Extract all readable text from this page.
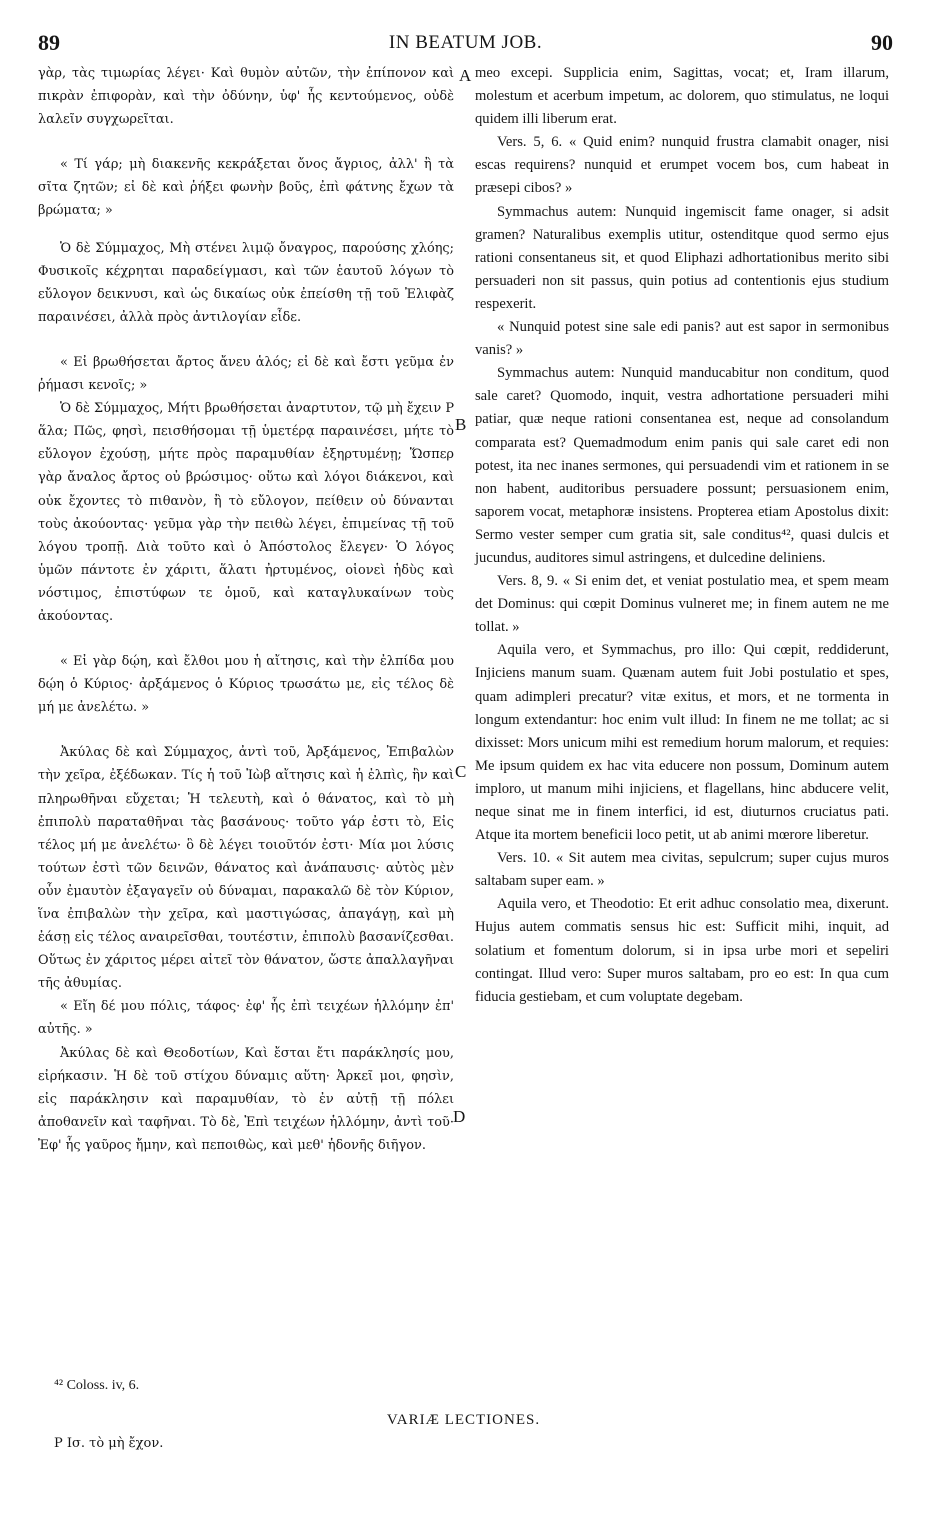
89	IN BEATUM JOB.	90

γὰρ, τὰς τιμωρίας λέγει· Καὶ θυμὸν αὐτῶν, τὴν ἐπίπονον καὶ πικρὰν ἐπιφορὰν, καὶ τὴν ὀδύνην, ὑφ' ἧς κεντούμενος, οὐδὲ λαλεῖν συγχωρεῖται.

« Τί γάρ; μὴ διακενῆς κεκράξεται ὄνος ἄγριος, ἀλλ' ἢ τὰ σῖτα ζητῶν; εἰ δὲ καὶ ῥήξει φωνὴν βοῦς, ἐπὶ φάτνης ἔχων τὰ βρώματα; »

Ὁ δὲ Σύμμαχος, Μὴ στένει λιμῷ ὄναγρος, παρούσης χλόης; Φυσικοῖς κέχρηται παραδείγμασι, καὶ τῶν ἑαυτοῦ λόγων τὸ εὔλογον δεικνυσι, καὶ ὡς δικαίως οὐκ ἐπείσθη τῇ τοῦ Ἐλιφὰζ παραινέσει, ἀλλὰ πρὸς ἀντιλογίαν εἶδε.

« Εἰ βρωθήσεται ἄρτος ἄνευ ἁλός; εἰ δὲ καὶ ἔστι γεῦμα ἐν ῥήμασι κενοῖς; »

Ὁ δὲ Σύμμαχος, Μήτι βρωθήσεται ἀναρτυτον, τῷ μὴ ἔχειν P ἅλα; Πῶς, φησὶ, πεισθήσομαι τῇ ὑμετέρᾳ παραινέσει, μήτε τὸ εὔλογον ἐχούσῃ, μήτε πρὸς παραμυθίαν ἐξηρτυμένῃ; Ὥσπερ γὰρ ἄναλος ἄρτος οὐ βρώσιμος· οὕτω καὶ λόγοι διάκενοι, καὶ οὐκ ἔχοντες τὸ πιθανὸν, ἢ τὸ εὔλογον, πείθειν οὐ δύνανται τοὺς ἀκούοντας· γεῦμα γὰρ τὴν πειθὼ λέγει, ἐπιμείνας τῇ τοῦ λόγου τροπῇ. Διὰ τοῦτο καὶ ὁ Ἀπόστολος ἔλεγεν· Ὁ λόγος ὑμῶν πάντοτε ἐν χάριτι, ἅλατι ἠρτυμένος, οἱονεὶ ἡδὺς καὶ νόστιμος, ἐπιστύφων τε ὁμοῦ, καὶ καταγλυκαίνων τοὺς ἀκούοντας.

« Εἰ γὰρ δῴη, καὶ ἔλθοι μου ἡ αἴτησις, καὶ τὴν ἐλπίδα μου δῴη ὁ Κύριος· ἀρξάμενος ὁ Κύριος τρωσάτω με, εἰς τέλος δὲ μή με ἀνελέτω. »

Ἀκύλας δὲ καὶ Σύμμαχος, ἀντὶ τοῦ, Ἀρξάμενος, Ἐπιβαλὼν τὴν χεῖρα, ἐξέδωκαν. Τίς ἡ τοῦ Ἰὼβ αἴτησις καὶ ἡ ἐλπὶς, ἣν καὶ πληρωθῆναι εὔχεται; Ἡ τελευτὴ, καὶ ὁ θάνατος, καὶ τὸ μὴ ἐπιπολὺ παραταθῆναι τὰς βασάνους· τοῦτο γάρ ἐστι τὸ, Εἰς τέλος μή με ἀνελέτω· ὃ δὲ λέγει τοιοῦτόν ἐστι· Μία μοι λύσις τούτων ἐστὶ τῶν δεινῶν, θάνατος καὶ ἀνάπαυσις· αὐτὸς μὲν οὖν ἐμαυτὸν ἐξαγαγεῖν οὐ δύναμαι, παρακαλῶ δὲ τὸν Κύριον, ἵνα ἐπιβαλὼν τὴν χεῖρα, καὶ μαστιγώσας, ἀπαγάγῃ, καὶ μὴ ἐάσῃ εἰς τέλος αναιρεῖσθαι, τουτέστιν, ἐπιπολὺ βασανίζεσθαι. Οὕτως ἐν χάριτος μέρει αἰτεῖ τὸν θάνατον, ὥστε ἀπαλλαγῆναι τῆς ἀθυμίας.

« Εἴη δέ μου πόλις, τάφος· ἐφ' ἧς ἐπὶ τειχέων ἡλλόμην ἐπ' αὐτῆς. »

Ἀκύλας δὲ καὶ Θεοδοτίων, Καὶ ἔσται ἔτι παράκλησίς μου, εἰρήκασιν. Ἡ δὲ τοῦ στίχου δύναμις αὕτη· Ἀρκεῖ μοι, φησὶν, εἰς παράκλησιν καὶ παραμυθίαν, τὸ ἐν αὐτῇ τῇ πόλει ἀποθανεῖν καὶ ταφῆναι. Τὸ δὲ, Ἐπὶ τειχέων ἡλλόμην, ἀντὶ τοῦ· Ἐφ' ἧς γαῦρος ἤμην, καὶ πεποιθὼς, καὶ μεθ' ἡδονῆς διῆγον.

A
B
C
D

meo excepi. Supplicia enim, Sagittas, vocat; et, Iram illarum, molestum et acerbum impetum, ac dolorem, quo stimulatus, ne loqui quidem illi liberum erat.

Vers. 5, 6. « Quid enim? nunquid frustra clamabit onager, nisi escas requirens? nunquid et erumpet vocem bos, cum habeat in præsepi cibos? »

Symmachus autem: Nunquid ingemiscit fame onager, si adsit gramen? Naturalibus exemplis utitur, ostenditque quod sermo ejus rationi consentaneus sit, et quod Eliphazi adhortationibus merito sibi persuaderi non sit passus, quin potius ad contentionis ejus studium respexerit.

« Nunquid potest sine sale edi panis? aut est sapor in sermonibus vanis? »

Symmachus autem: Nunquid manducabitur non conditum, quod sale caret? Quomodo, inquit, vestra adhortatione persuaderi mihi patiar, quæ neque rationi consentanea est, neque ad consolandum comparata est? Quemadmodum enim panis qui sale caret edi non potest, ita nec inanes sermones, qui persuadendi vim et rationem in se non habent, auditoribus persuadere possunt; persuasionem enim, saporem vocat, metaphoræ insistens. Propterea etiam Apostolus dixit: Sermo vester semper cum gratia sit, sale conditus⁴², quasi dulcis et jucundus, auditores simul astringens, et dulcedine deliniens.

Vers. 8, 9. « Si enim det, et veniat postulatio mea, et spem meam det Dominus: qui cœpit Dominus vulneret me; in finem autem ne me tollat. »

Aquila vero, et Symmachus, pro illo: Qui cœpit, reddiderunt, Injiciens manum suam. Quænam autem fuit Jobi postulatio et spes, quam adimpleri precatur? vitæ exitus, et mors, et ne tormenta in longum extendantur: hoc enim vult illud: In finem ne me tollat; ac si dixisset: Mors unicum mihi est remedium horum malorum, et requies: Me ipsum quidem ex hac vita educere non possum, Dominum autem imploro, ut manum mihi injiciens, et flagellans, hinc abducere velit, neque sinat me in finem interfici, id est, diuturnos cruciatus pati. Atque ita mortem beneficii loco petit, ut ab animi mœrore liberetur.

Vers. 10. « Sit autem mea civitas, sepulcrum; super cujus muros saltabam super eam. »

Aquila vero, et Theodotio: Et erit adhuc consolatio mea, dixerunt. Hujus autem commatis sensus hic est: Sufficit mihi, inquit, ad solatium et fomentum dolorum, si in ipsa urbe mori et sepeliri contingat. Illud vero: Super muros saltabam, pro eo est: In qua cum fiducia gestiebam, et cum voluptate degebam.

⁴² Coloss. iv, 6.
VARIÆ LECTIONES.
P Ισ. τὸ μὴ ἔχον.
